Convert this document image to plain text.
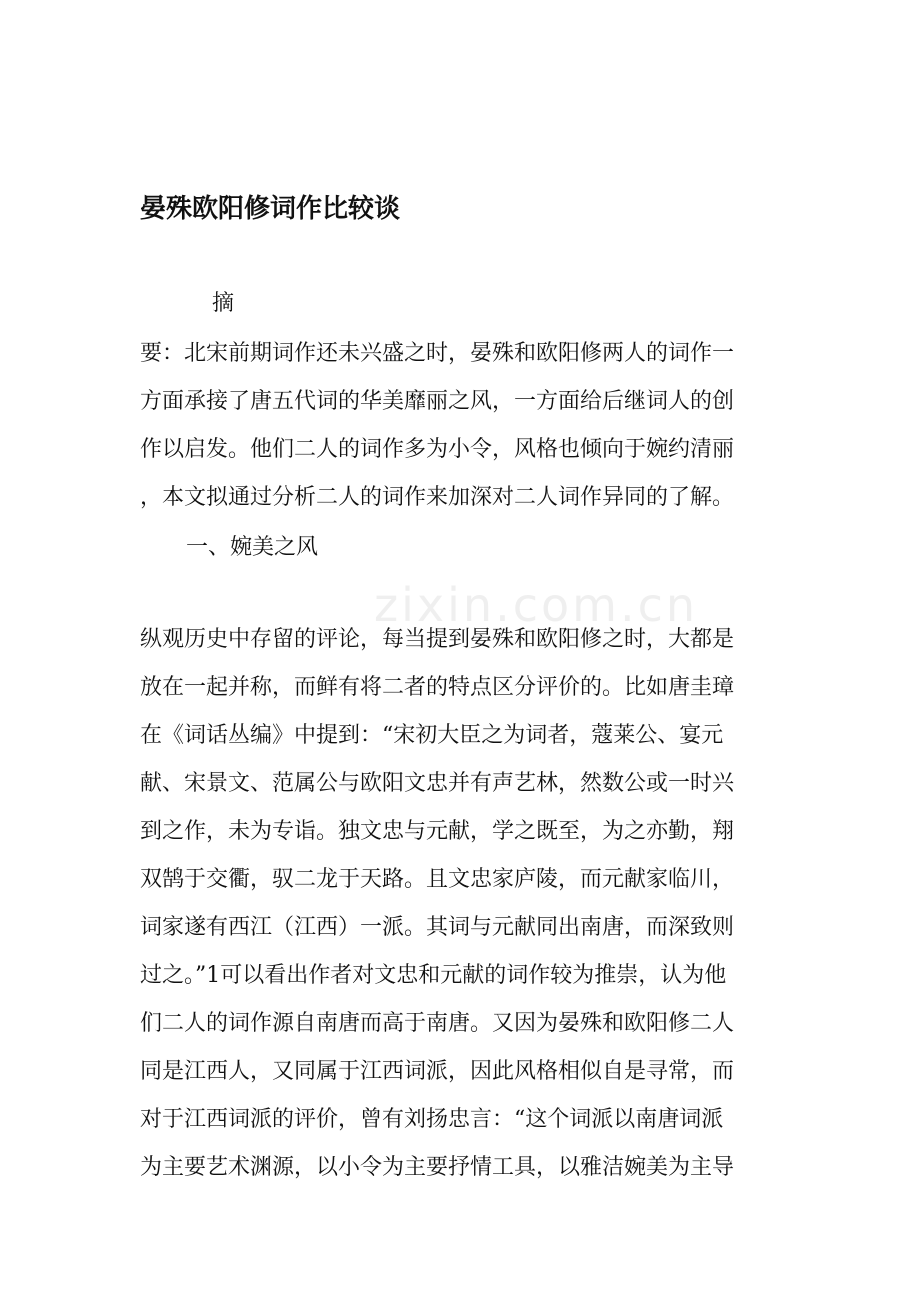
晏殊欧阳修词作比较谈
摘
要：北宋前期词作还未兴盛之时，晏殊和欧阳修两人的词作一
方面承接了唐五代词的华美靡丽之风，一方面给后继词人的创
作以启发。他们二人的词作多为小令，风格也倾向于婉约清丽
，本文拟通过分析二人的词作来加深对二人词作异同的了解。
一、婉美之风
zixin.com.cn
纵观历史中存留的评论，每当提到晏殊和欧阳修之时，大都是
放在一起并称，而鲜有将二者的特点区分评价的。比如唐圭璋
在《词话丛编》中提到：“宋初大臣之为词者，蔻莱公、宴元
献、宋景文、范属公与欧阳文忠并有声艺林，然数公或一时兴
到之作，未为专诣。独文忠与元献，学之既至，为之亦勤，翔
双鹄于交衢，驭二龙于天路。且文忠家庐陵，而元献家临川，
词家遂有西江（江西）一派。其词与元献同出南唐，而深致则
过之。”1可以看出作者对文忠和元献的词作较为推崇，认为他
们二人的词作源自南唐而高于南唐。又因为晏殊和欧阳修二人
同是江西人，又同属于江西词派，因此风格相似自是寻常，而
对于江西词派的评价，曾有刘扬忠言：“这个词派以南唐词派
为主要艺术渊源，以小令为主要抒情工具，以雅洁婉美为主导
